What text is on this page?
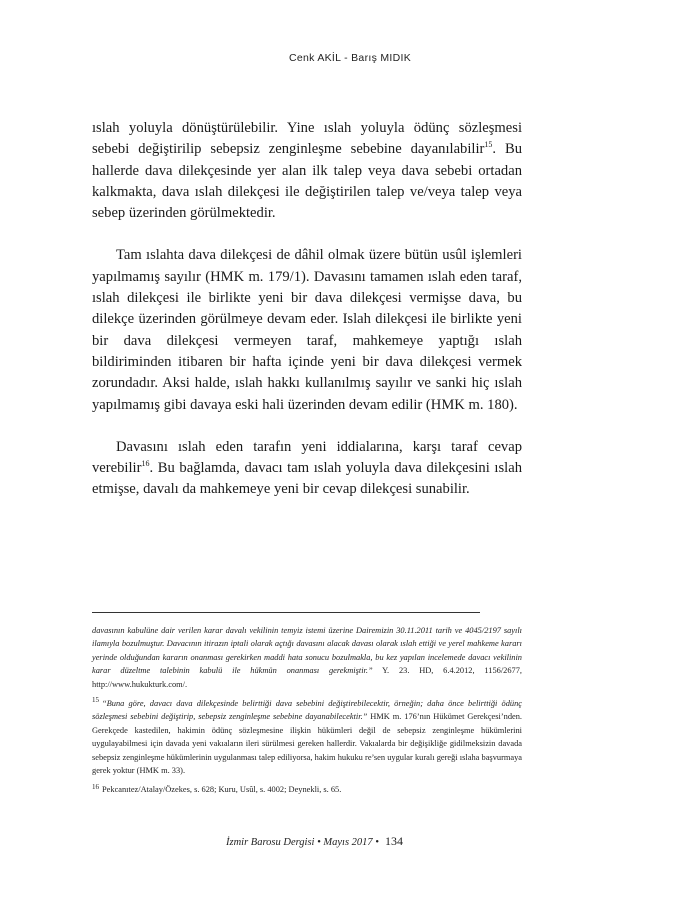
Cenk AKİL - Barış MIDIK

ıslah yoluyla dönüştürülebilir. Yine ıslah yoluyla ödünç sözleşmesi sebebi değiştirilip sebepsiz zenginleşme sebebine dayanılabilir$^{15}$. Bu hallerde dava dilekçesinde yer alan ilk talep veya dava sebebi ortadan kalkmakta, dava ıslah dilekçesi ile değiştirilen talep ve/veya talep veya sebep üzerinden görülmektedir.

Tam ıslahta dava dilekçesi de dâhil olmak üzere bütün usûl işlemleri yapılmamış sayılır (HMK m. 179/1). Davasını tamamen ıslah eden taraf, ıslah dilekçesi ile birlikte yeni bir dava dilekçesi vermişse dava, bu dilekçe üzerinden görülmeye devam eder. Islah dilekçesi ile birlikte yeni bir dava dilekçesi vermeyen taraf, mahkemeye yaptığı ıslah bildiriminden itibaren bir hafta içinde yeni bir dava dilekçesi vermek zorundadır. Aksi halde, ıslah hakkı kullanılmış sayılır ve sanki hiç ıslah yapılmamış gibi davaya eski hali üzerinden devam edilir (HMK m. 180).

Davasını ıslah eden tarafın yeni iddialarına, karşı taraf cevap verebilir$^{16}$. Bu bağlamda, davacı tam ıslah yoluyla dava dilekçesini ıslah etmişse, davalı da mahkemeye yeni bir cevap dilekçesi sunabilir.

davasının kabulüne dair verilen karar davalı vekilinin temyiz istemi üzerine Dairemizin 30.11.2011 tarih ve 4045/2197 sayılı ilamıyla bozulmuştur. Davacının itirazın iptali olarak açtığı davasını alacak davası olarak ıslah ettiği ve yerel mahkeme kararı yerinde olduğundan kararın onanması gerekirken maddi hata sonucu bozulmakla, bu kez yapılan incelemede davacı vekilinin karar düzeltme talebinin kabulü ile hükmün onanması gerekmiştir.” Y. 23. HD, 6.4.2012, 1156/2677, http://www.hukukturk.com/.

$^{15}$ “Buna göre, davacı dava dilekçesinde belirttiği dava sebebini değiştirebilecektir, örneğin; daha önce belirttiği ödünç sözleşmesi sebebini değiştirip, sebepsiz zenginleşme sebebine dayanabilecektir.” HMK m. 176’nın Hükümet Gerekçesi’nden. Gerekçede kastedilen, hakimin ödünç sözleşmesine ilişkin hükümleri değil de sebepsiz zenginleşme hükümlerini uygulayabilmesi için davada yeni vakıaların ileri sürülmesi gereken hallerdir. Vakıalarda bir değişikliğe gidilmeksizin davada sebepsiz zenginleşme hükümlerinin uygulanması talep ediliyorsa, hakim hukuku re’sen uygular kuralı gereği ıslaha başvurmaya gerek yoktur (HMK m. 33).

$^{16}$ Pekcanıtez/Atalay/Özekes, s. 628; Kuru, Usûl, s. 4002; Deynekli, s. 65.

İzmir Barosu Dergisi • Mayıs 2017 • 134
